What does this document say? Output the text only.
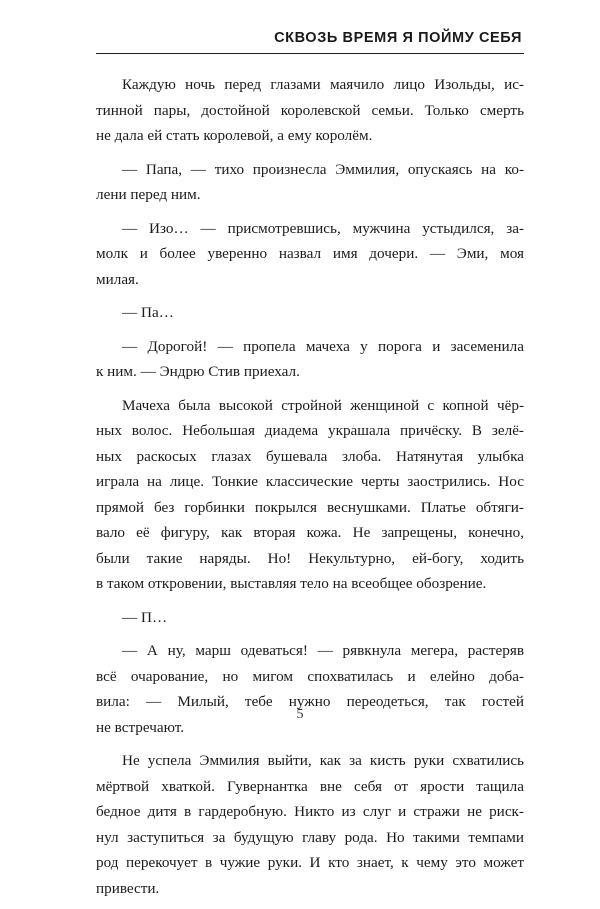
СКВОЗЬ ВРЕМЯ Я ПОЙМУ СЕБЯ
Каждую ночь перед глазами маячило лицо Изольды, ис-
тинной пары, достойной королевской семьи. Только смерть
не дала ей стать королевой, а ему королём.
— Папа, — тихо произнесла Эммилия, опускаясь на ко-
лени перед ним.
— Изо… — присмотревшись, мужчина устыдился, за-
молк и более уверенно назвал имя дочери. — Эми, моя
милая.
— Па…
— Дорогой! — пропела мачеха у порога и засеменила
к ним. — Эндрю Стив приехал.
Мачеха была высокой стройной женщиной с копной чёр-
ных волос. Небольшая диадема украшала причёску. В зелё-
ных раскосых глазах бушевала злоба. Натянутая улыбка
играла на лице. Тонкие классические черты заострились. Нос
прямой без горбинки покрылся веснушками. Платье обтяги-
вало её фигуру, как вторая кожа. Не запрещены, конечно,
были такие наряды. Но! Некультурно, ей-богу, ходить
в таком откровении, выставляя тело на всеобщее обозрение.
— П…
— А ну, марш одеваться! — рявкнула мегера, растеряв
всё очарование, но мигом спохватилась и елейно доба-
вила: — Милый, тебе нужно переодеться, так гостей
не встречают.
Не успела Эммилия выйти, как за кисть руки схватились
мёртвой хваткой. Гувернантка вне себя от ярости тащила
бедное дитя в гардеробную. Никто из слуг и стражи не риск-
нул заступиться за будущую главу рода. Но такими темпами
род перекочует в чужие руки. И кто знает, к чему это может
привести.
5
